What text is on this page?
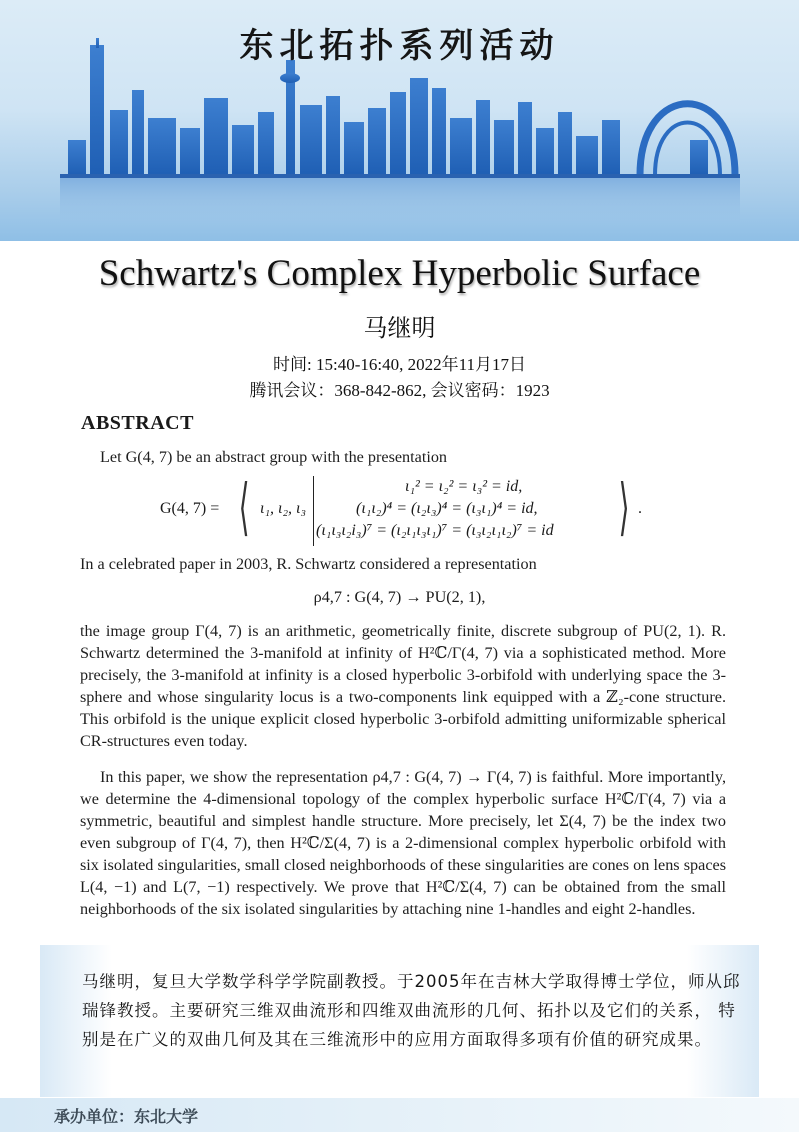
东北拓扑系列活动
Schwartz's Complex Hyperbolic Surface
马继明
时间: 15:40-16:40, 2022年11月17日
腾讯会议：368-842-862, 会议密码：1923
ABSTRACT
Let G(4, 7) be an abstract group with the presentation
G(4, 7) = ⟨ ι₁, ι₂, ι₃
ι₁² = ι₂² = ι₃² = id,
(ι₁ι₂)⁴ = (ι₂ι₃)⁴ = (ι₃ι₁)⁴ = id,
(ι₁ι₃ι₂i₃)⁷ = (ι₂ι₁ι₃ι₁)⁷ = (ι₃ι₂ι₁ι₂)⁷ = id ⟩ .
In a celebrated paper in 2003, R. Schwartz considered a representation
ρ4,7 : G(4, 7) → PU(2, 1),
the image group Γ(4, 7) is an arithmetic, geometrically finite, discrete subgroup of PU(2, 1). R. Schwartz determined the 3-manifold at infinity of H²ℂ/Γ(4, 7) via a sophisticated method. More precisely, the 3-manifold at infinity is a closed hyperbolic 3-orbifold with underlying space the 3-sphere and whose singularity locus is a two-components link equipped with a ℤ₂-cone structure. This orbifold is the unique explicit closed hyperbolic 3-orbifold admitting uniformizable spherical CR-structures even today.
In this paper, we show the representation ρ4,7 : G(4, 7) → Γ(4, 7) is faithful. More importantly, we determine the 4-dimensional topology of the complex hyperbolic surface H²ℂ/Γ(4, 7) via a symmetric, beautiful and simplest handle structure. More precisely, let Σ(4, 7) be the index two even subgroup of Γ(4, 7), then H²ℂ/Σ(4, 7) is a 2-dimensional complex hyperbolic orbifold with six isolated singularities, small closed neighborhoods of these singularities are cones on lens spaces L(4, −1) and L(7, −1) respectively. We prove that H²ℂ/Σ(4, 7) can be obtained from the small neighborhoods of the six isolated singularities by attaching nine 1-handles and eight 2-handles.
马继明，复旦大学数学科学学院副教授。于2005年在吉林大学取得博士学位，师从邱瑞锋教授。主要研究三维双曲流形和四维双曲流形的几何、拓扑以及它们的关系， 特别是在广义的双曲几何及其在三维流形中的应用方面取得多项有价值的研究成果。
承办单位：东北大学
